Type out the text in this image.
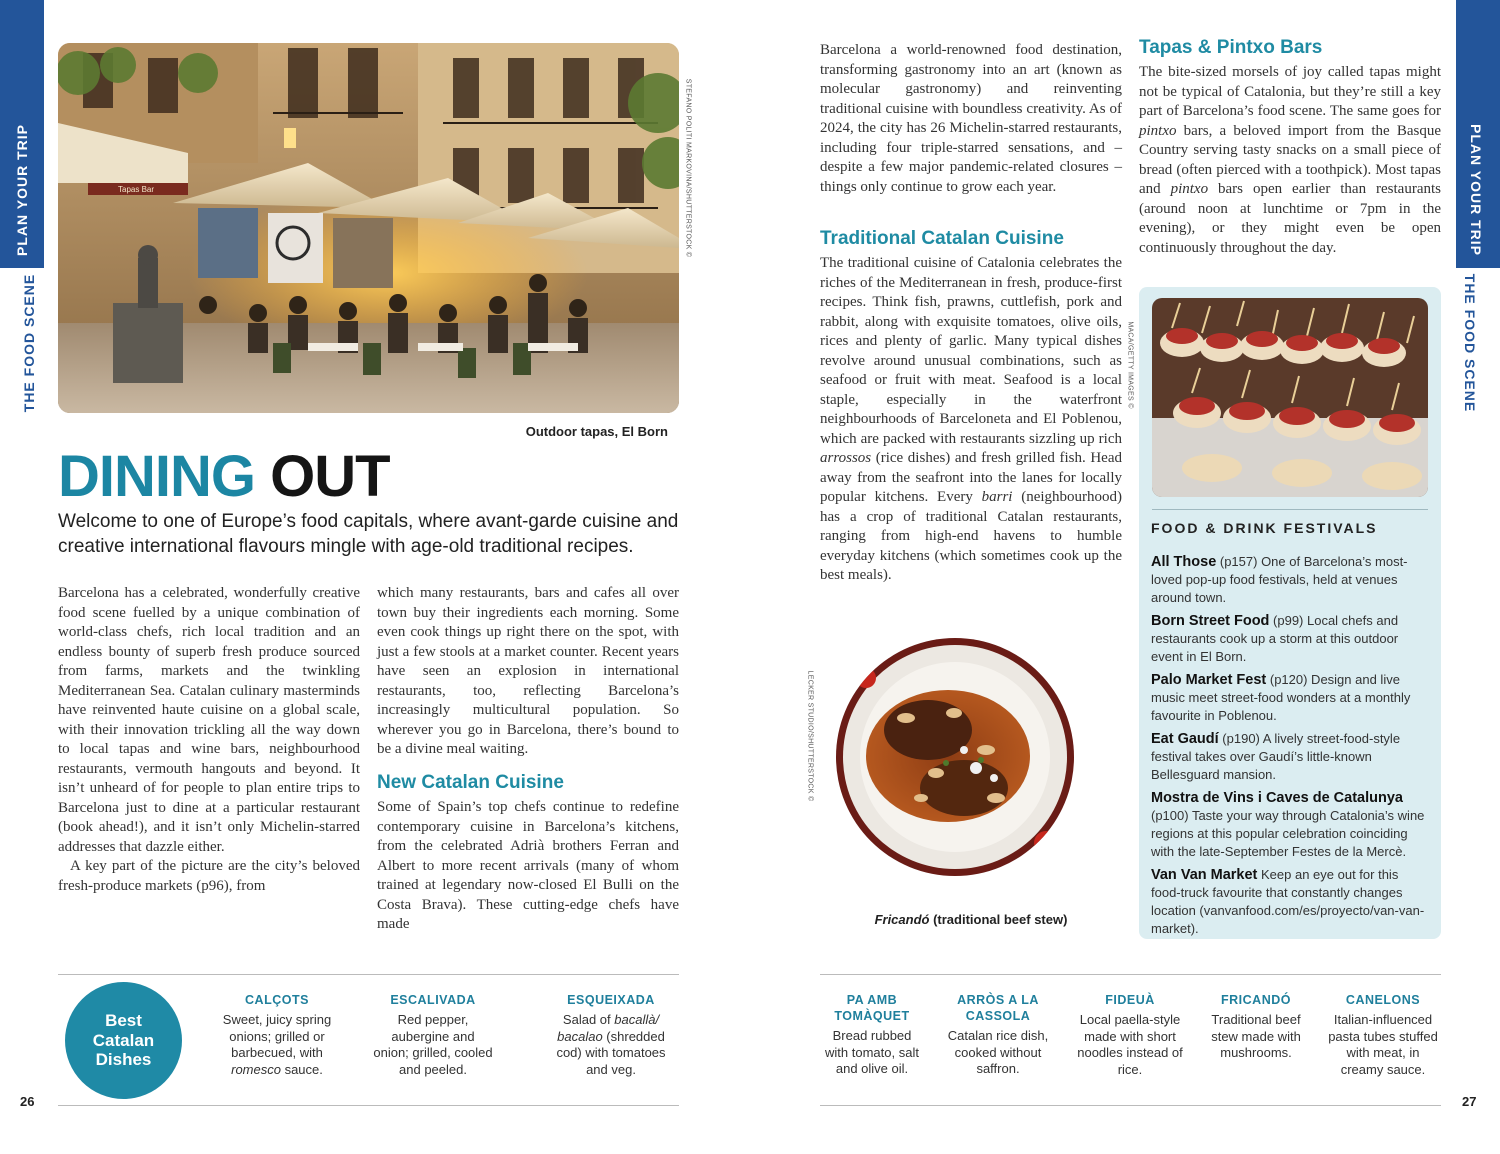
PLAN YOUR TRIP
THE FOOD SCENE
PLAN YOUR TRIP
THE FOOD SCENE
Tapas Bar	STEFANO POLITI MARKOVINA/SHUTTERSTOCK ©
Outdoor tapas, El Born
DINING OUT
Welcome to one of Europe’s food capitals, where avant-garde cuisine and creative international flavours mingle with age-old traditional recipes.

Barcelona has a celebrated, wonderfully creative food scene fuelled by a unique combination of world-class chefs, rich local tradition and an endless bounty of superb fresh produce sourced from farms, markets and the twinkling Mediterranean Sea. Catalan culinary masterminds have reinvented haute cuisine on a global scale, with their innovation trickling all the way down to local tapas and wine bars, neighbourhood restaurants, vermouth hangouts and beyond. It isn’t unheard of for people to plan entire trips to Barcelona just to dine at a particular restaurant (book ahead!), and it isn’t only Michelin-starred addresses that dazzle either.

A key part of the picture are the city’s beloved fresh-produce markets (p96), from

which many restaurants, bars and cafes all over town buy their ingredients each morning. Some even cook things up right there on the spot, with just a few stools at a market counter. Recent years have seen an explosion in international restaurants, too, reflecting Barcelona’s increasingly multicultural population. So wherever you go in Barcelona, there’s bound to be a divine meal waiting.

New Catalan Cuisine

Some of Spain’s top chefs continue to redefine contemporary cuisine in Barcelona’s kitchens, from the celebrated Adrià brothers Ferran and Albert to more recent arrivals (many of whom trained at legendary now-closed El Bulli on the Costa Brava). These cutting-edge chefs have made

Barcelona a world-renowned food destination, transforming gastronomy into an art (known as molecular gastronomy) and reinventing traditional cuisine with boundless creativity. As of 2024, the city has 26 Michelin-starred restaurants, including four triple-starred sensations, and – despite a few major pandemic-related closures – things only continue to grow each year.

Traditional Catalan Cuisine

The traditional cuisine of Catalonia celebrates the riches of the Mediterranean in fresh, produce-first recipes. Think fish, prawns, cuttlefish, pork and rabbit, along with exquisite tomatoes, olive oils, rices and plenty of garlic. Many typical dishes revolve around unusual combinations, such as seafood or fruit with meat. Seafood is a local staple, especially in the waterfront neighbourhoods of Barceloneta and El Poblenou, which are packed with restaurants sizzling up rich arrossos (rice dishes) and fresh grilled fish. Head away from the seafront into the lanes for locally popular kitchens. Every barri (neighbourhood) has a crop of traditional Catalan restaurants, ranging from high-end havens to humble everyday kitchens (which sometimes cook up the best meals).

LECKER STUDIO/SHUTTERSTOCK ©
Fricandó (traditional beef stew)
Tapas & Pintxo Bars

The bite-sized morsels of joy called tapas might not be typical of Catalonia, but they’re still a key part of Barcelona’s food scene. The same goes for pintxo bars, a beloved import from the Basque Country serving tasty snacks on a small piece of bread (often pierced with a toothpick). Most tapas and pintxo bars open earlier than restaurants (around noon at lunchtime or 7pm in the evening), or they might even be open continuously throughout the day.

MACA/GETTY IMAGES ©
FOOD & DRINK FESTIVALS
All Those (p157) One of Barcelona’s most-loved pop-up food festivals, held at venues around town.
Born Street Food (p99) Local chefs and restaurants cook up a storm at this outdoor event in El Born.
Palo Market Fest (p120) Design and live music meet street-food wonders at a monthly favourite in Poblenou.
Eat Gaudí (p190) A lively street-food-style festival takes over Gaudí’s little-known Bellesguard mansion.
Mostra de Vins i Caves de Catalunya (p100) Taste your way through Catalonia’s wine regions at this popular celebration coinciding with the late-September Festes de la Mercè.
Van Van Market Keep an eye out for this food-truck favourite that constantly changes location (vanvanfood.com/es/proyecto/van-van-market).
Best Catalan Dishes
CALÇOTS
Sweet, juicy spring onions; grilled or barbecued, with romesco sauce.
ESCALIVADA
Red pepper, aubergine and onion; grilled, cooled and peeled.
ESQUEIXADA
Salad of bacallà/ bacalao (shredded cod) with tomatoes and veg.
PA AMB TOMÀQUET
Bread rubbed with tomato, salt and olive oil.
ARRÒS A LA CASSOLA
Catalan rice dish, cooked without saffron.
FIDEUÀ
Local paella-style made with short noodles instead of rice.
FRICANDÓ
Traditional beef stew made with mushrooms.
CANELONS
Italian-influenced pasta tubes stuffed with meat, in creamy sauce.
26	27
